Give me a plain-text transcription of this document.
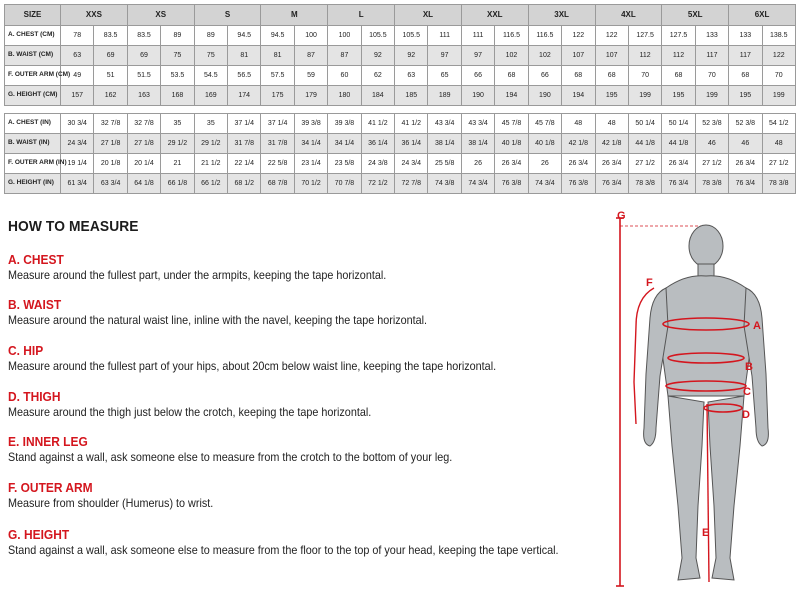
SIZE	XXS		XS		S		M		L		XL		XXL		3XL		4XL		5XL		6XL	
A. CHEST (CM)	78	83.5	83.5	89	89	94.5	94.5	100	100	105.5	105.5	111	111	116.5	116.5	122	122	127.5	127.5	133	133	138.5
B. WAIST (CM)	63	69	69	75	75	81	81	87	87	92	92	97	97	102	102	107	107	112	112	117	117	122
F. OUTER ARM (CM)	49	51	51.5	53.5	54.5	56.5	57.5	59	60	62	63	65	66	68	66	68	68	70	68	70	68	70
G. HEIGHT (CM)	157	162	163	168	169	174	175	179	180	184	185	189	190	194	190	194	195	199	195	199	195	199

A. CHEST (IN)	30 3/4	32 7/8	32 7/8	35	35	37 1/4	37 1/4	39 3/8	39 3/8	41 1/2	41 1/2	43 3/4	43 3/4	45 7/8	45 7/8	48	48	50 1/4	50 1/4	52 3/8	52 3/8	54 1/2
B. WAIST (IN)	24 3/4	27 1/8	27 1/8	29 1/2	29 1/2	31 7/8	31 7/8	34 1/4	34 1/4	36 1/4	36 1/4	38 1/4	38 1/4	40 1/8	40 1/8	42 1/8	42 1/8	44 1/8	44 1/8	46	46	48
F. OUTER ARM (IN)	19 1/4	20 1/8	20 1/4	21	21 1/2	22 1/4	22 5/8	23 1/4	23 5/8	24 3/8	24 3/4	25 5/8	26	26 3/4	26	26 3/4	26 3/4	27 1/2	26 3/4	27 1/2	26 3/4	27 1/2
G. HEIGHT (IN)	61 3/4	63 3/4	64 1/8	66 1/8	66 1/2	68 1/2	68 7/8	70 1/2	70 7/8	72 1/2	72 7/8	74 3/8	74 3/4	76 3/8	74 3/4	76 3/8	76 3/4	78 3/8	76 3/4	78 3/8	76 3/4	78 3/8
HOW TO MEASURE
A. CHEST
Measure around the fullest part, under the armpits, keeping the tape horizontal.
B. WAIST
Measure around the natural waist line, inline with the navel, keeping the tape horizontal.
C. HIP
Measure around the fullest part of your hips, about 20cm below waist line, keeping the tape horizontal.
D. THIGH
Measure around the thigh just below the crotch, keeping the tape horizontal.
E. INNER LEG
Stand against a wall, ask someone else to measure from the crotch to the bottom of your leg.
F. OUTER ARM
Measure from shoulder (Humerus) to wrist.
G. HEIGHT
Stand against a wall, ask someone else to measure from the floor to the top of your head, keeping the tape vertical.
G
A
B
C
D
E
F
